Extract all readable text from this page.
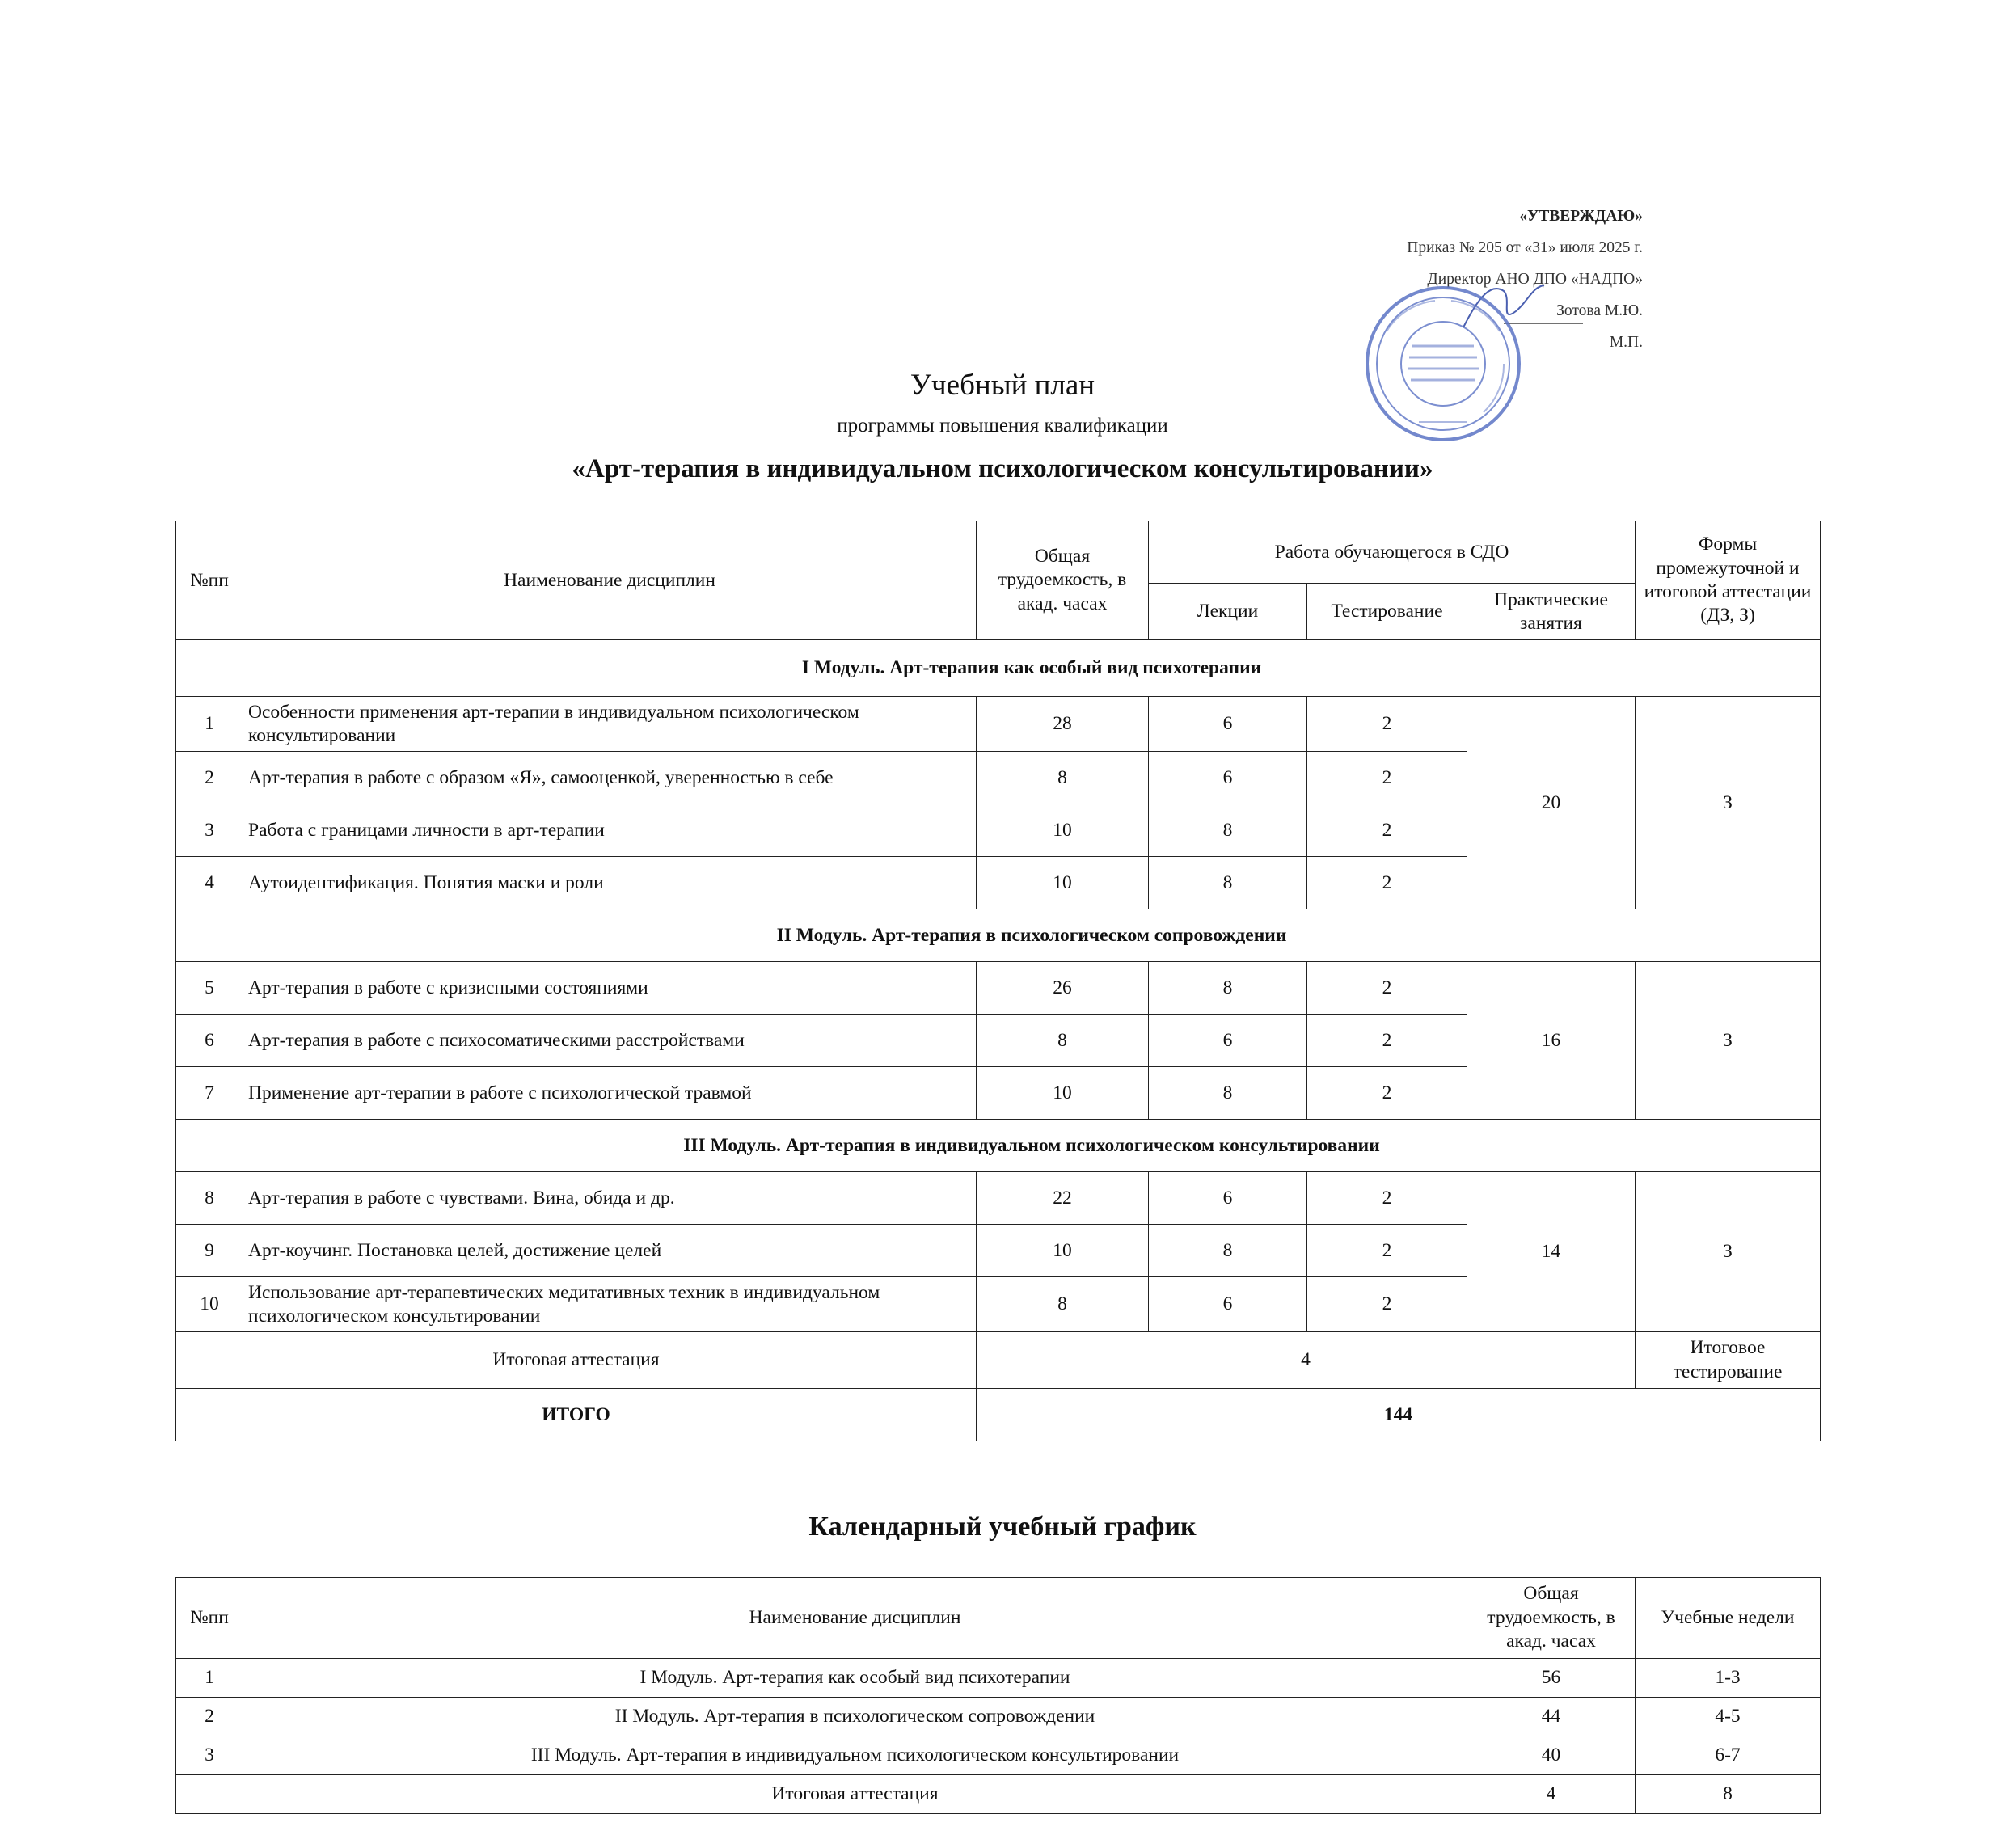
«УТВЕРЖДАЮ»
Приказ № 205 от «31» июля 2025 г.
Директор АНО ДПО «НАДПО»
Зотова М.Ю.
М.П.
Учебный план
программы повышения квалификации
«Арт-терапия в индивидуальном психологическом консультировании»
№пп	Наименование дисциплин	Общая трудоемкость, в акад. часах	Работа обучающегося в СДО			Формы промежуточной и итоговой аттестации (ДЗ, З)
			Лекции	Тестирование	Практические занятия	
	I Модуль. Арт-терапия как особый вид психотерапии					
1	Особенности применения арт-терапии в индивидуальном психологическом консультировании	28	6	2	20	З
2	Арт-терапия в работе с образом «Я», самооценкой, уверенностью в себе	8	6	2		
3	Работа с границами личности в арт-терапии	10	8	2		
4	Аутоидентификация. Понятия маски и роли	10	8	2		
	II Модуль. Арт-терапия в психологическом сопровождении					
5	Арт-терапия в работе с кризисными состояниями	26	8	2	16	З
6	Арт-терапия в работе с психосоматическими расстройствами	8	6	2		
7	Применение арт-терапии в работе с психологической травмой	10	8	2		
	III Модуль. Арт-терапия в индивидуальном психологическом консультировании					
8	Арт-терапия в работе с чувствами. Вина, обида и др.	22	6	2	14	З
9	Арт-коучинг. Постановка целей, достижение целей	10	8	2		
10	Использование арт-терапевтических медитативных техник в индивидуальном психологическом консультировании	8	6	2		
Итоговая аттестация		4				Итоговое тестирование
ИТОГО		144				
Календарный учебный график
№пп	Наименование дисциплин	Общая трудоемкость, в акад. часах	Учебные недели
1	I Модуль. Арт-терапия как особый вид психотерапии	56	1-3
2	II Модуль. Арт-терапия в психологическом сопровождении	44	4-5
3	III Модуль. Арт-терапия в индивидуальном психологическом консультировании	40	6-7
	Итоговая аттестация	4	8
